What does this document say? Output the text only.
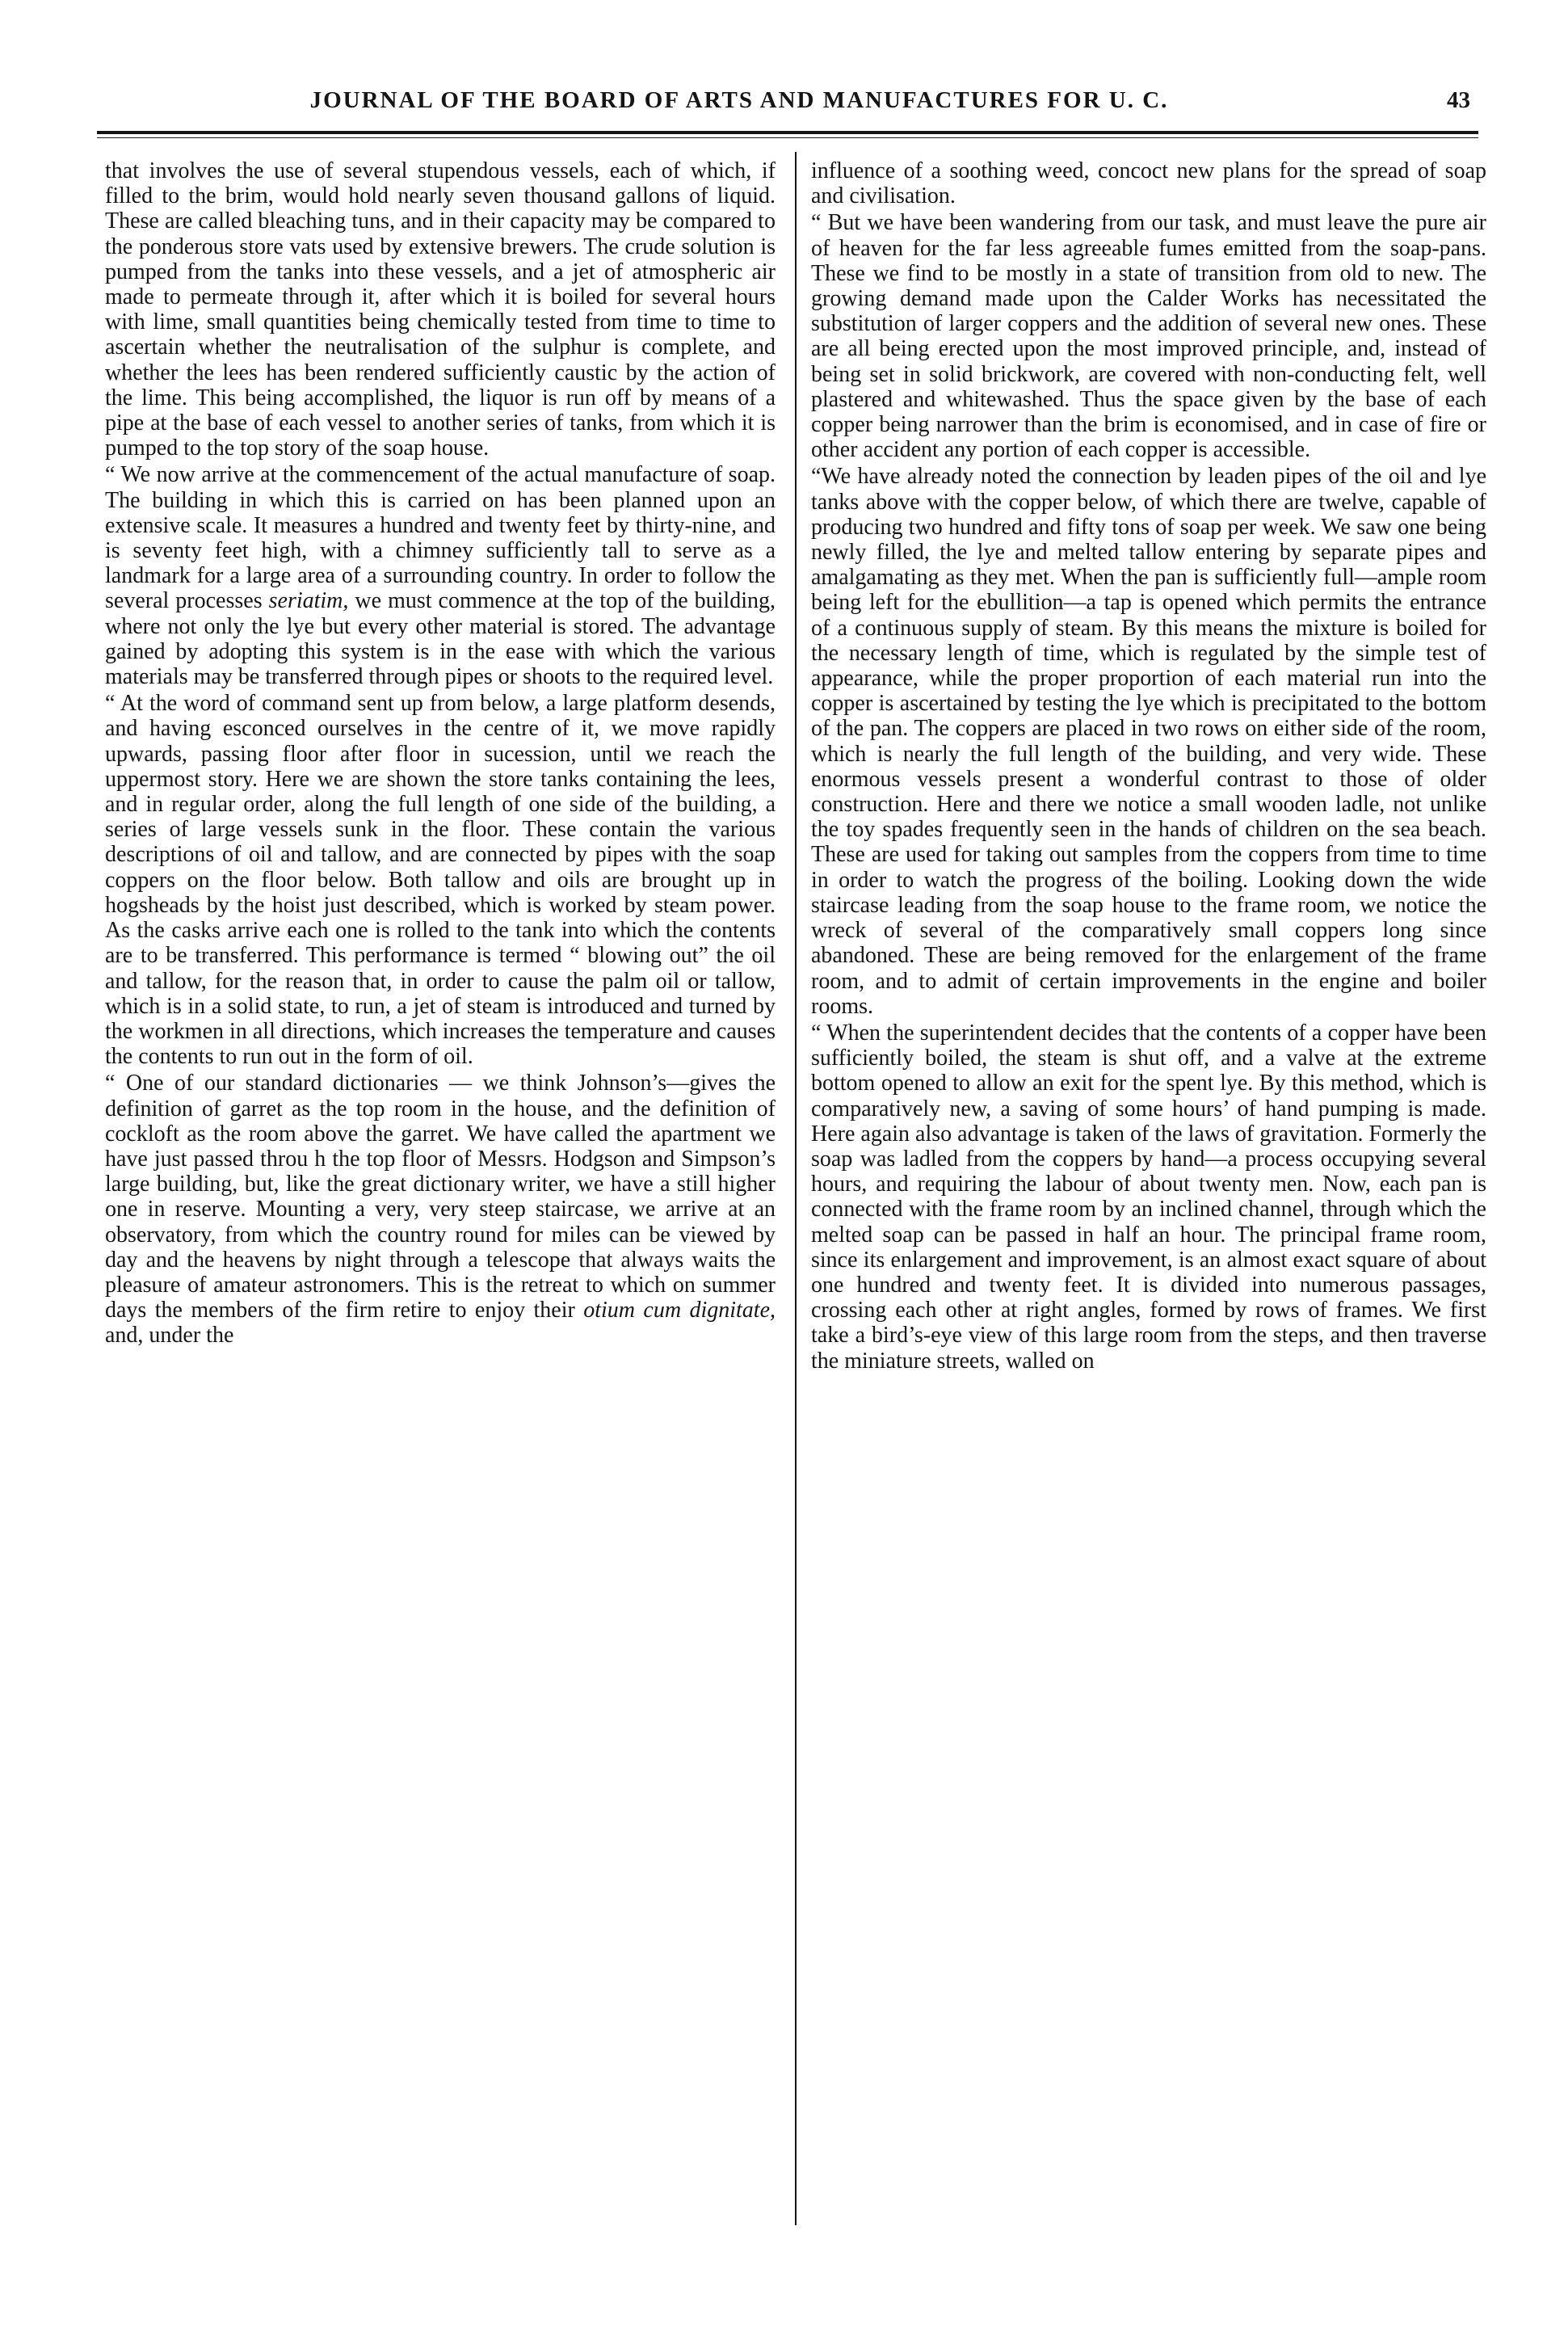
JOURNAL OF THE BOARD OF ARTS AND MANUFACTURES FOR U. C.	43

that involves the use of several stupendous vessels, each of which, if filled to the brim, would hold nearly seven thousand gallons of liquid. These are called bleaching tuns, and in their capacity may be compared to the ponderous store vats used by extensive brewers. The crude solution is pumped from the tanks into these vessels, and a jet of atmospheric air made to permeate through it, after which it is boiled for several hours with lime, small quantities being chemically tested from time to time to ascertain whether the neutralisation of the sulphur is complete, and whether the lees has been rendered sufficiently caustic by the action of the lime. This being accomplished, the liquor is run off by means of a pipe at the base of each vessel to another series of tanks, from which it is pumped to the top story of the soap house.

“ We now arrive at the commencement of the actual manufacture of soap. The building in which this is carried on has been planned upon an extensive scale. It measures a hundred and twenty feet by thirty-nine, and is seventy feet high, with a chimney sufficiently tall to serve as a landmark for a large area of a surrounding country. In order to follow the several processes seriatim, we must commence at the top of the building, where not only the lye but every other material is stored. The advantage gained by adopting this system is in the ease with which the various materials may be transferred through pipes or shoots to the required level.

“ At the word of command sent up from below, a large platform desends, and having esconced ourselves in the centre of it, we move rapidly upwards, passing floor after floor in sucession, until we reach the uppermost story. Here we are shown the store tanks containing the lees, and in regular order, along the full length of one side of the building, a series of large vessels sunk in the floor. These contain the various descriptions of oil and tallow, and are connected by pipes with the soap coppers on the floor below. Both tallow and oils are brought up in hogsheads by the hoist just described, which is worked by steam power. As the casks arrive each one is rolled to the tank into which the contents are to be transferred. This performance is termed “ blowing out” the oil and tallow, for the reason that, in order to cause the palm oil or tallow, which is in a solid state, to run, a jet of steam is introduced and turned by the workmen in all directions, which increases the temperature and causes the contents to run out in the form of oil.

“ One of our standard dictionaries — we think Johnson’s—gives the definition of garret as the top room in the house, and the definition of cockloft as the room above the garret. We have called the apartment we have just passed throu h the top floor of Messrs. Hodgson and Simpson’s large building, but, like the great dictionary writer, we have a still higher one in reserve. Mounting a very, very steep staircase, we arrive at an observatory, from which the country round for miles can be viewed by day and the heavens by night through a telescope that always waits the pleasure of amateur astronomers. This is the retreat to which on summer days the members of the firm retire to enjoy their otium cum dignitate, and, under the

influence of a soothing weed, concoct new plans for the spread of soap and civilisation.

“ But we have been wandering from our task, and must leave the pure air of heaven for the far less agreeable fumes emitted from the soap-pans. These we find to be mostly in a state of transition from old to new. The growing demand made upon the Calder Works has necessitated the substitution of larger coppers and the addition of several new ones. These are all being erected upon the most improved principle, and, instead of being set in solid brickwork, are covered with non-conducting felt, well plastered and whitewashed. Thus the space given by the base of each copper being narrower than the brim is economised, and in case of fire or other accident any portion of each copper is accessible.

“We have already noted the connection by leaden pipes of the oil and lye tanks above with the copper below, of which there are twelve, capable of producing two hundred and fifty tons of soap per week. We saw one being newly filled, the lye and melted tallow entering by separate pipes and amalgamating as they met. When the pan is sufficiently full—ample room being left for the ebullition—a tap is opened which permits the entrance of a continuous supply of steam. By this means the mixture is boiled for the necessary length of time, which is regulated by the simple test of appearance, while the proper proportion of each material run into the copper is ascertained by testing the lye which is precipitated to the bottom of the pan. The coppers are placed in two rows on either side of the room, which is nearly the full length of the building, and very wide. These enormous vessels present a wonderful contrast to those of older construction. Here and there we notice a small wooden ladle, not unlike the toy spades frequently seen in the hands of children on the sea beach. These are used for taking out samples from the coppers from time to time in order to watch the progress of the boiling. Looking down the wide staircase leading from the soap house to the frame room, we notice the wreck of several of the comparatively small coppers long since abandoned. These are being removed for the enlargement of the frame room, and to admit of certain improvements in the engine and boiler rooms.

“ When the superintendent decides that the contents of a copper have been sufficiently boiled, the steam is shut off, and a valve at the extreme bottom opened to allow an exit for the spent lye. By this method, which is comparatively new, a saving of some hours’ of hand pumping is made. Here again also advantage is taken of the laws of gravitation. Formerly the soap was ladled from the coppers by hand—a process occupying several hours, and requiring the labour of about twenty men. Now, each pan is connected with the frame room by an inclined channel, through which the melted soap can be passed in half an hour. The principal frame room, since its enlargement and improvement, is an almost exact square of about one hundred and twenty feet. It is divided into numerous passages, crossing each other at right angles, formed by rows of frames. We first take a bird’s-eye view of this large room from the steps, and then traverse the miniature streets, walled on
